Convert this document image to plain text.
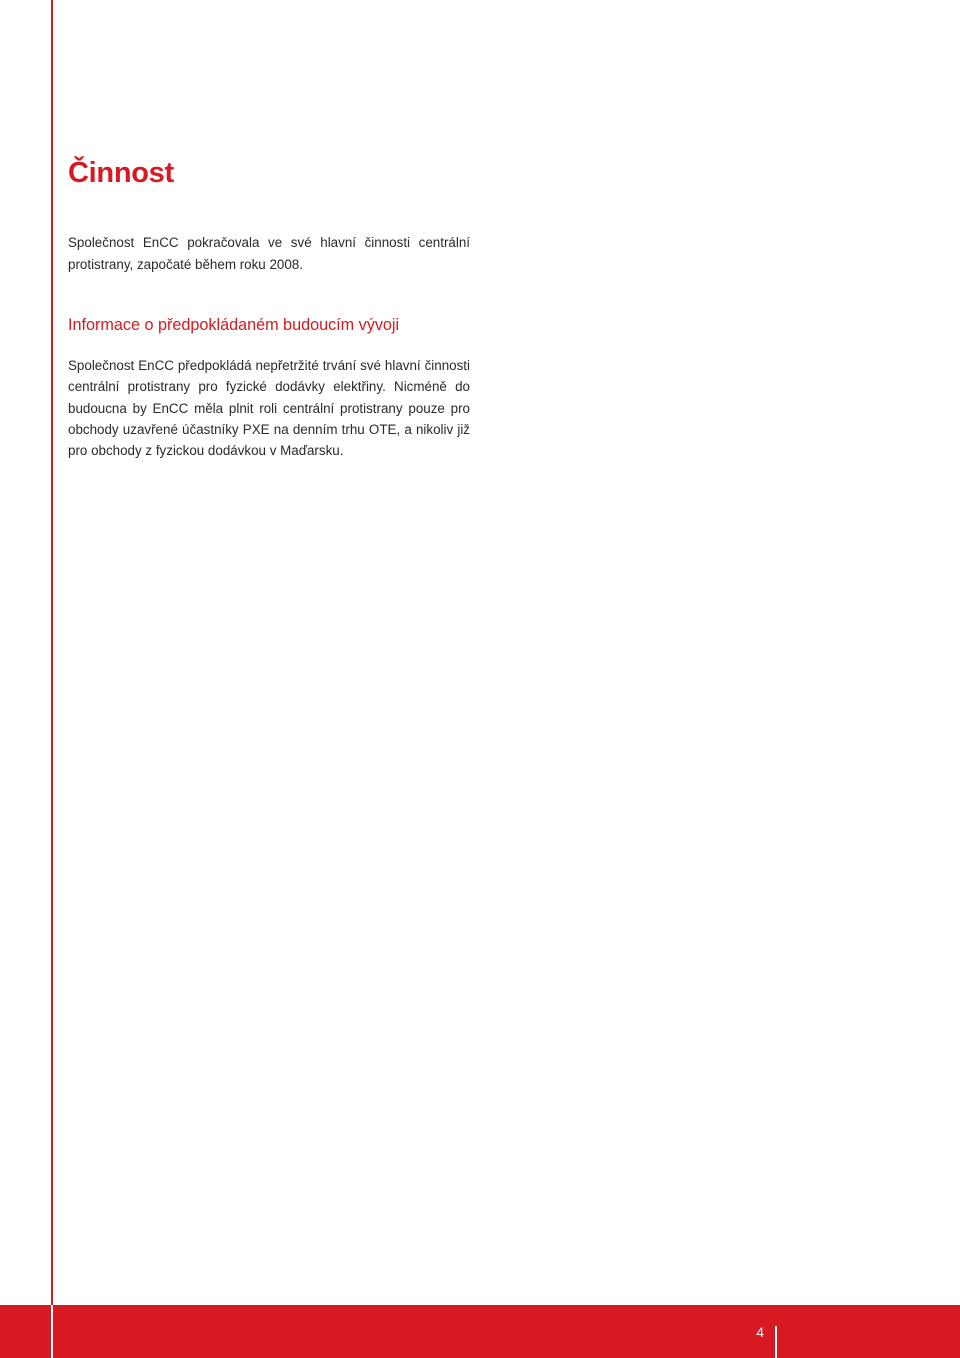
Činnost

Společnost EnCC pokračovala ve své hlavní činnosti centrální protistrany, započaté během roku 2008.

Informace o předpokládaném budoucím vývoji

Společnost EnCC předpokládá nepřetržité trvání své hlavní činnosti centrální protistrany pro fyzické dodávky elektřiny. Nicméně do budoucna by EnCC měla plnit roli centrální protistrany pouze pro obchody uzavřené účastníky PXE na denním trhu OTE, a nikoliv již pro obchody z fyzickou dodávkou v Maďarsku.

4
